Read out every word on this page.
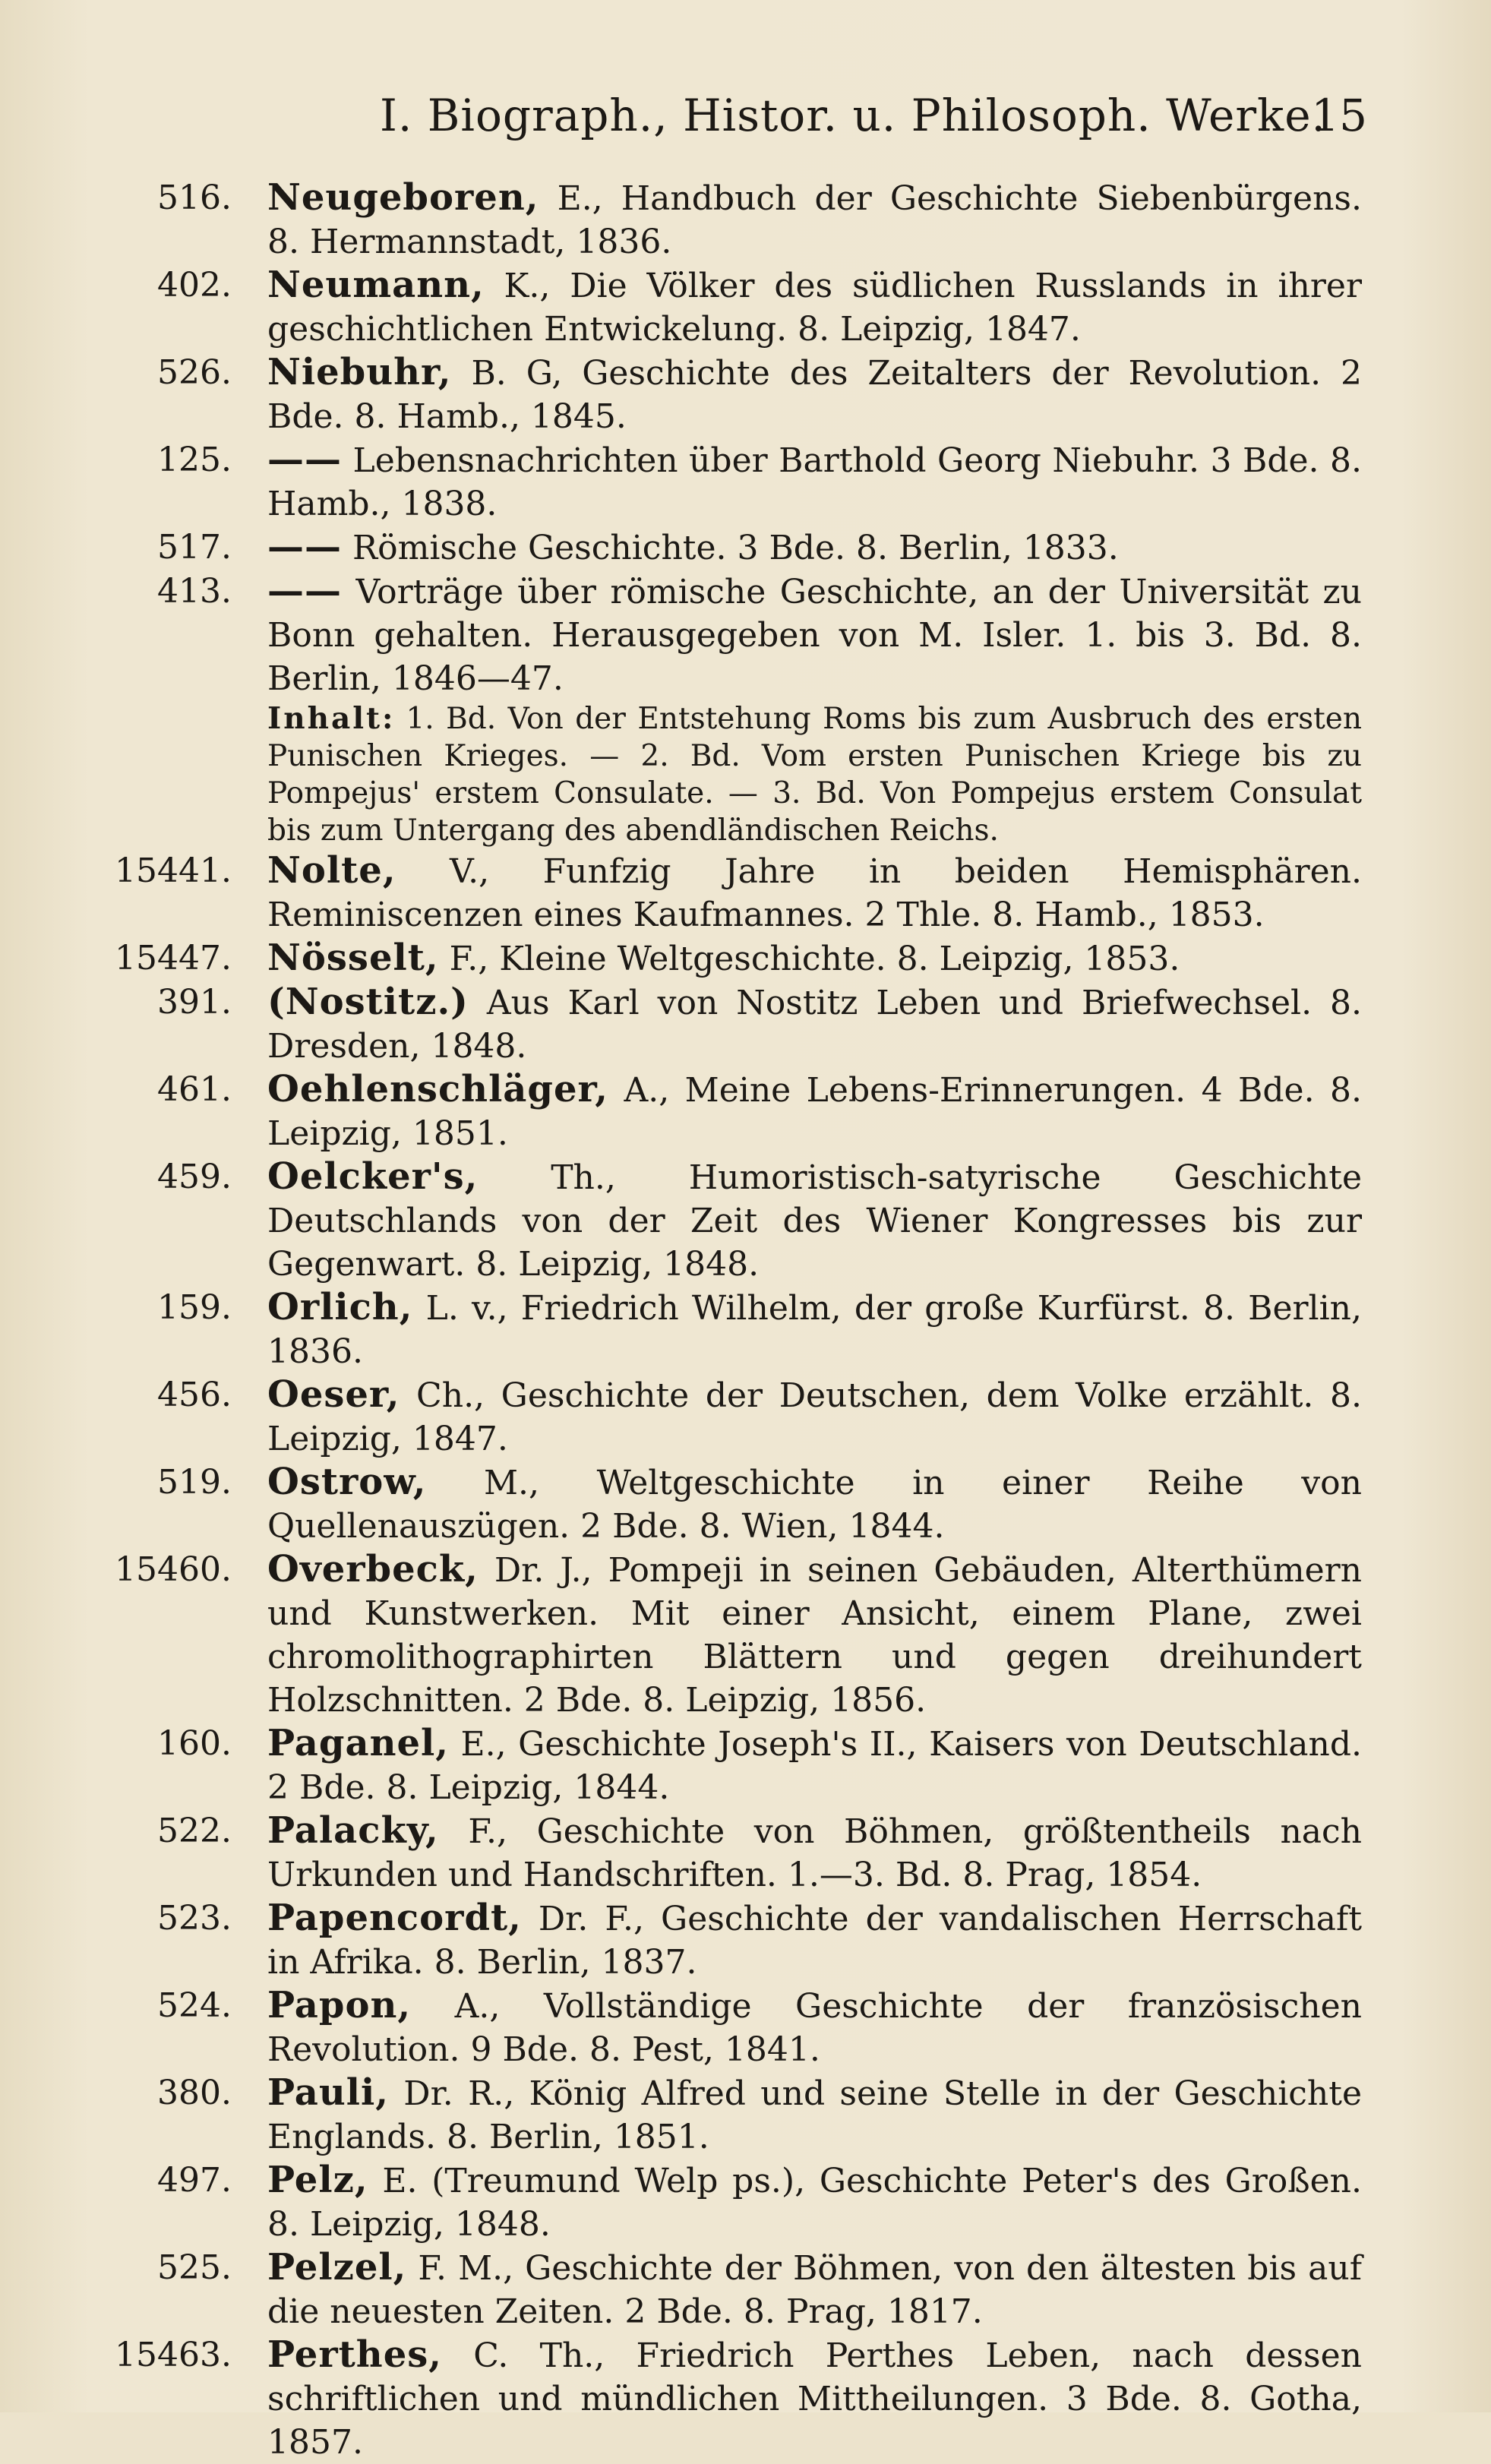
I. Biograph., Histor. u. Philosoph. Werke.
15
516. Neugeboren, E., Handbuch der Geschichte Siebenbürgens. 8. Hermannstadt, 1836.
402. Neumann, K., Die Völker des südlichen Russlands in ihrer geschichtlichen Entwickelung. 8. Leipzig, 1847.
526. Niebuhr, B. G, Geschichte des Zeitalters der Revolution. 2 Bde. 8. Hamb., 1845.
125. —— Lebensnachrichten über Barthold Georg Niebuhr. 3 Bde. 8. Hamb., 1838.
517. —— Römische Geschichte. 3 Bde. 8. Berlin, 1833.
413. —— Vorträge über römische Geschichte, an der Universität zu Bonn gehalten. Herausgegeben von M. Isler. 1. bis 3. Bd. 8. Berlin, 1846—47.
Inhalt: 1. Bd. Von der Entstehung Roms bis zum Ausbruch des ersten Punischen Krieges. — 2. Bd. Vom ersten Punischen Kriege bis zu Pompejus' erstem Consulate. — 3. Bd. Von Pompejus erstem Consulat bis zum Untergang des abendländischen Reichs.
15441. Nolte, V., Funfzig Jahre in beiden Hemisphären. Reminiscenzen eines Kaufmannes. 2 Thle. 8. Hamb., 1853.
15447. Nösselt, F., Kleine Weltgeschichte. 8. Leipzig, 1853.
391. (Nostitz.) Aus Karl von Nostitz Leben und Briefwechsel. 8. Dresden, 1848.
461. Oehlenschläger, A., Meine Lebens-Erinnerungen. 4 Bde. 8. Leipzig, 1851.
459. Oelcker's, Th., Humoristisch-satyrische Geschichte Deutschlands von der Zeit des Wiener Kongresses bis zur Gegenwart. 8. Leipzig, 1848.
159. Orlich, L. v., Friedrich Wilhelm, der große Kurfürst. 8. Berlin, 1836.
456. Oeser, Ch., Geschichte der Deutschen, dem Volke erzählt. 8. Leipzig, 1847.
519. Ostrow, M., Weltgeschichte in einer Reihe von Quellenauszügen. 2 Bde. 8. Wien, 1844.
15460. Overbeck, Dr. J., Pompeji in seinen Gebäuden, Alterthümern und Kunstwerken. Mit einer Ansicht, einem Plane, zwei chromolithographirten Blättern und gegen dreihundert Holzschnitten. 2 Bde. 8. Leipzig, 1856.
160. Paganel, E., Geschichte Joseph's II., Kaisers von Deutschland. 2 Bde. 8. Leipzig, 1844.
522. Palacky, F., Geschichte von Böhmen, größtentheils nach Urkunden und Handschriften. 1.—3. Bd. 8. Prag, 1854.
523. Papencordt, Dr. F., Geschichte der vandalischen Herrschaft in Afrika. 8. Berlin, 1837.
524. Papon, A., Vollständige Geschichte der französischen Revolution. 9 Bde. 8. Pest, 1841.
380. Pauli, Dr. R., König Alfred und seine Stelle in der Geschichte Englands. 8. Berlin, 1851.
497. Pelz, E. (Treumund Welp ps.), Geschichte Peter's des Großen. 8. Leipzig, 1848.
525. Pelzel, F. M., Geschichte der Böhmen, von den ältesten bis auf die neuesten Zeiten. 2 Bde. 8. Prag, 1817.
15463. Perthes, C. Th., Friedrich Perthes Leben, nach dessen schriftlichen und mündlichen Mittheilungen. 3 Bde. 8. Gotha, 1857.
